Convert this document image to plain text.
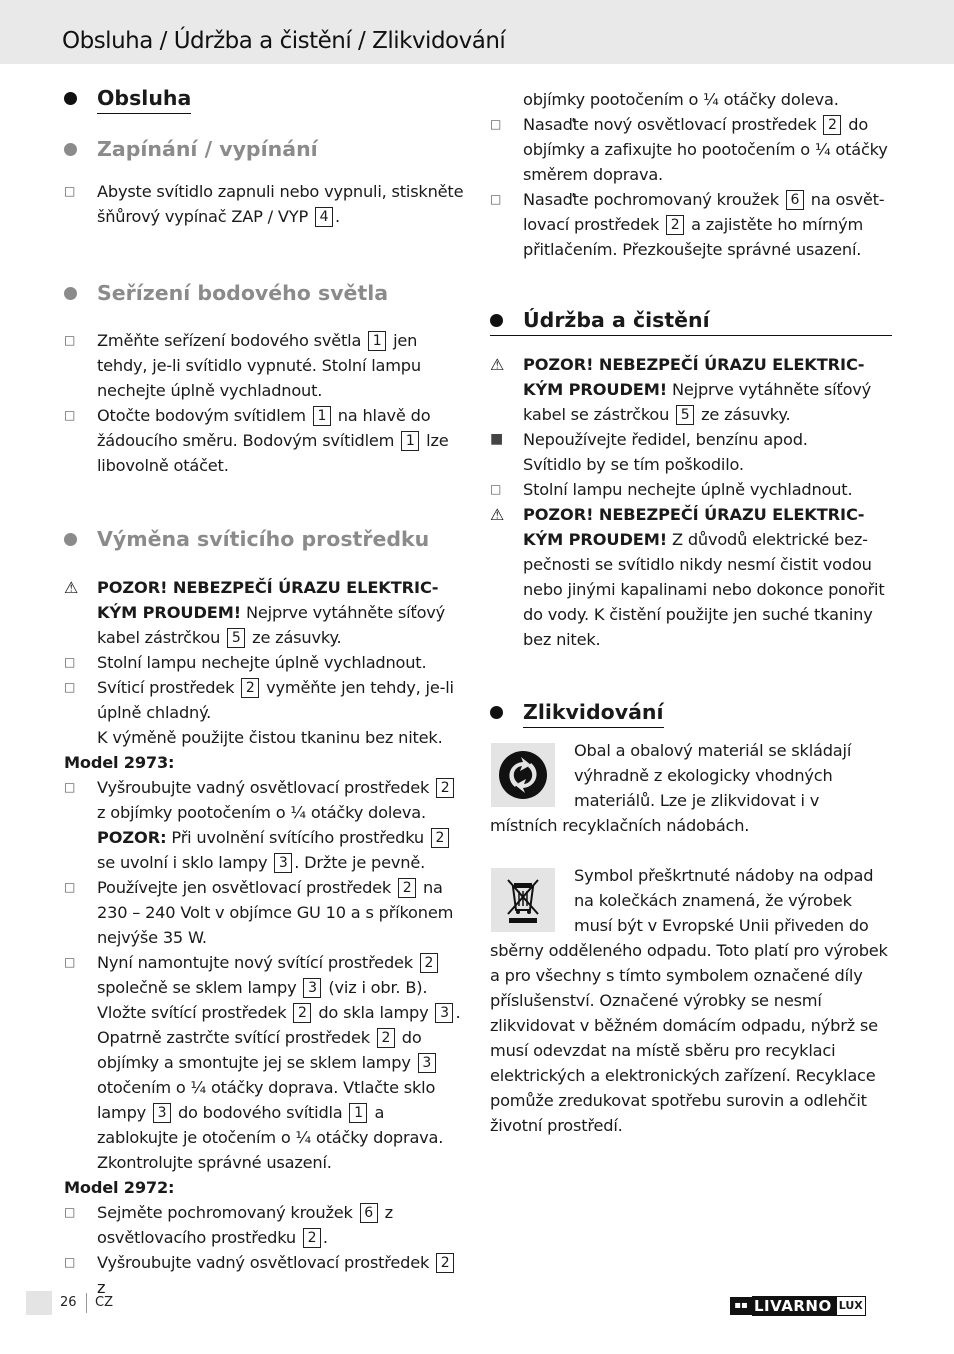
Obsluha / Údržba a čistění / Zlikvidování
Obsluha
Zapínání / vypínání
□	Abyste svítidlo zapnuli nebo vypnuli, stiskněte šňůrový vypínač ZAP / VYP 4 .
Seřízení bodového světla
□	Změňte seřízení bodového světla 1 jen tehdy, je-li svítidlo vypnuté. Stolní lampu nechejte úplně vychladnout.
□	Otočte bodovým svítidlem 1 na hlavě do žádoucího směru. Bodovým svítidlem 1 lze libovolně otáčet.
Výměna svíticího prostředku
⚠	POZOR! NEBEZPEČÍ ÚRAZU ELEKTRICKÝM PROUDEM! Nejprve vytáhněte síťový kabel zástrčkou 5 ze zásuvky.
□	Stolní lampu nechejte úplně vychladnout.
□	Svíticí prostředek 2 vyměňte jen tehdy, je-li úplně chladný.
K výměně použijte čistou tkaninu bez nitek.
Model 2973:
□	Vyšroubujte vadný osvětlovací prostředek 2 z objímky pootočením o ¼ otáčky doleva.
POZOR: Při uvolnění svítícího prostředku 2 se uvolní i sklo lampy 3 . Držte je pevně.
□	Používejte jen osvětlovací prostředek 2 na 230 – 240 Volt v objímce GU 10 a s příkonem nejvýše 35 W.
□	Nyní namontujte nový svítící prostředek 2 společně se sklem lampy 3 (viz i obr. B). Vložte svítící prostředek 2 do skla lampy 3 . Opatrně zastrčte svítící prostředek 2 do objímky a smontujte jej se sklem lampy 3 otočením o ¼ otáčky doprava. Vtlačte sklo lampy 3 do bodového svítidla 1 a zablokujte je otočením o ¼ otáčky doprava. Zkontrolujte správné usazení.
Model 2972:
□	Sejměte pochromovaný kroužek 6 z osvětlovacího prostředku 2 .
□	Vyšroubujte vadný osvětlovací prostředek 2 z
objímky pootočením o ¼ otáčky doleva.
□	Nasaďte nový osvětlovací prostředek 2 do objímky a zafixujte ho pootočením o ¼ otáčky směrem doprava.
□	Nasaďte pochromovaný kroužek 6 na osvětlovací prostředek 2 a zajistěte ho mírným přitlačením. Přezkoušejte správné usazení.
Údržba a čistění
⚠	POZOR! NEBEZPEČÍ ÚRAZU ELEKTRICKÝM PROUDEM! Nejprve vytáhněte síťový kabel se zástrčkou 5 ze zásuvky.
■	Nepoužívejte ředidel, benzínu apod.
Svítidlo by se tím poškodilo.
□	Stolní lampu nechejte úplně vychladnout.
⚠	POZOR! NEBEZPEČÍ ÚRAZU ELEKTRICKÝM PROUDEM! Z důvodů elektrické bezpečnosti se svítidlo nikdy nesmí čistit vodou nebo jinými kapalinami nebo dokonce ponořit do vody. K čistění použijte jen suché tkaniny bez nitek.
Zlikvidování
Obal a obalový materiál se skládají výhradně z ekologicky vhodných materiálů. Lze je zlikvidovat i v místních recyklačních nádobách.
Symbol přeškrtnuté nádoby na odpad na kolečkách znamená, že výrobek musí být v Evropské Unii přiveden do sběrny odděleného odpadu. Toto platí pro výrobek a pro všechny s tímto symbolem označené díly příslušenství. Označené výrobky se nesmí zlikvidovat v běžném domácím odpadu, nýbrž se musí odevzdat na místě sběru pro recyklaci elektrických a elektronických zařízení. Recyklace pomůže zredukovat spotřebu surovin a odlehčit životní prostředí.
26 CZ	▪▪ LIVARNO LUX
